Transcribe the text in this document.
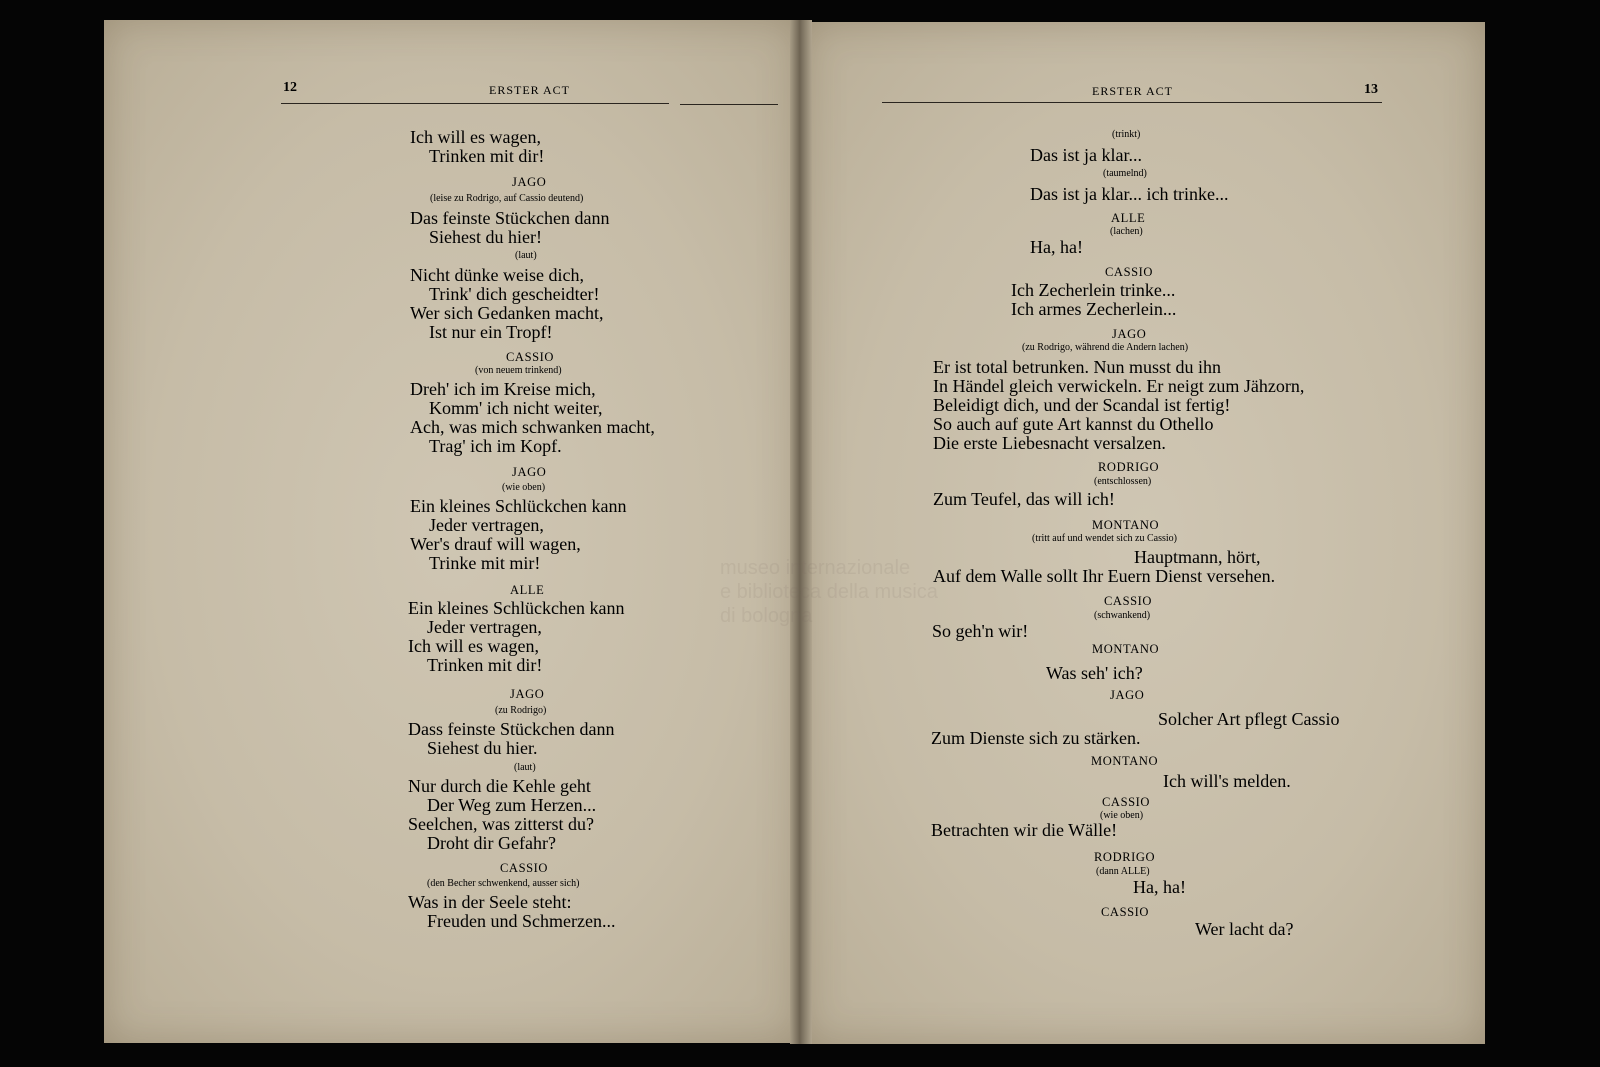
museo internazionale
e biblioteca della musica
di bologna
12	ERSTER ACT	ERSTER ACT	13
Ich will es wagen,
Trinken mit dir!
JAGO
(leise zu Rodrigo, auf Cassio deutend)
Das feinste Stückchen dann
Siehest du hier!
(laut)
Nicht dünke weise dich,
Trink' dich gescheidter!
Wer sich Gedanken macht,
Ist nur ein Tropf!
CASSIO
(von neuem trinkend)
Dreh' ich im Kreise mich,
Komm' ich nicht weiter,
Ach, was mich schwanken macht,
Trag' ich im Kopf.
JAGO
(wie oben)
Ein kleines Schlückchen kann
Jeder vertragen,
Wer's drauf will wagen,
Trinke mit mir!
ALLE
Ein kleines Schlückchen kann
Jeder vertragen,
Ich will es wagen,
Trinken mit dir!
JAGO
(zu Rodrigo)
Dass feinste Stückchen dann
Siehest du hier.
(laut)
Nur durch die Kehle geht
Der Weg zum Herzen...
Seelchen, was zitterst du?
Droht dir Gefahr?
CASSIO
(den Becher schwenkend, ausser sich)
Was in der Seele steht:
Freuden und Schmerzen...
(trinkt)
Das ist ja klar...
(taumelnd)
Das ist ja klar... ich trinke...
ALLE
(lachen)
Ha, ha!
CASSIO
Ich Zecherlein trinke...
Ich armes Zecherlein...
JAGO
(zu Rodrigo, während die Andern lachen)
Er ist total betrunken. Nun musst du ihn
In Händel gleich verwickeln. Er neigt zum Jähzorn,
Beleidigt dich, und der Scandal ist fertig!
So auch auf gute Art kannst du Othello
Die erste Liebesnacht versalzen.
RODRIGO
(entschlossen)
Zum Teufel, das will ich!
MONTANO
(tritt auf und wendet sich zu Cassio)
Hauptmann, hört,
Auf dem Walle sollt Ihr Euern Dienst versehen.
CASSIO
(schwankend)
So geh'n wir!
MONTANO
Was seh' ich?
JAGO
Solcher Art pflegt Cassio
Zum Dienste sich zu stärken.
MONTANO
Ich will's melden.
CASSIO
(wie oben)
Betrachten wir die Wälle!
RODRIGO
(dann ALLE)
Ha, ha!
CASSIO
Wer lacht da?
